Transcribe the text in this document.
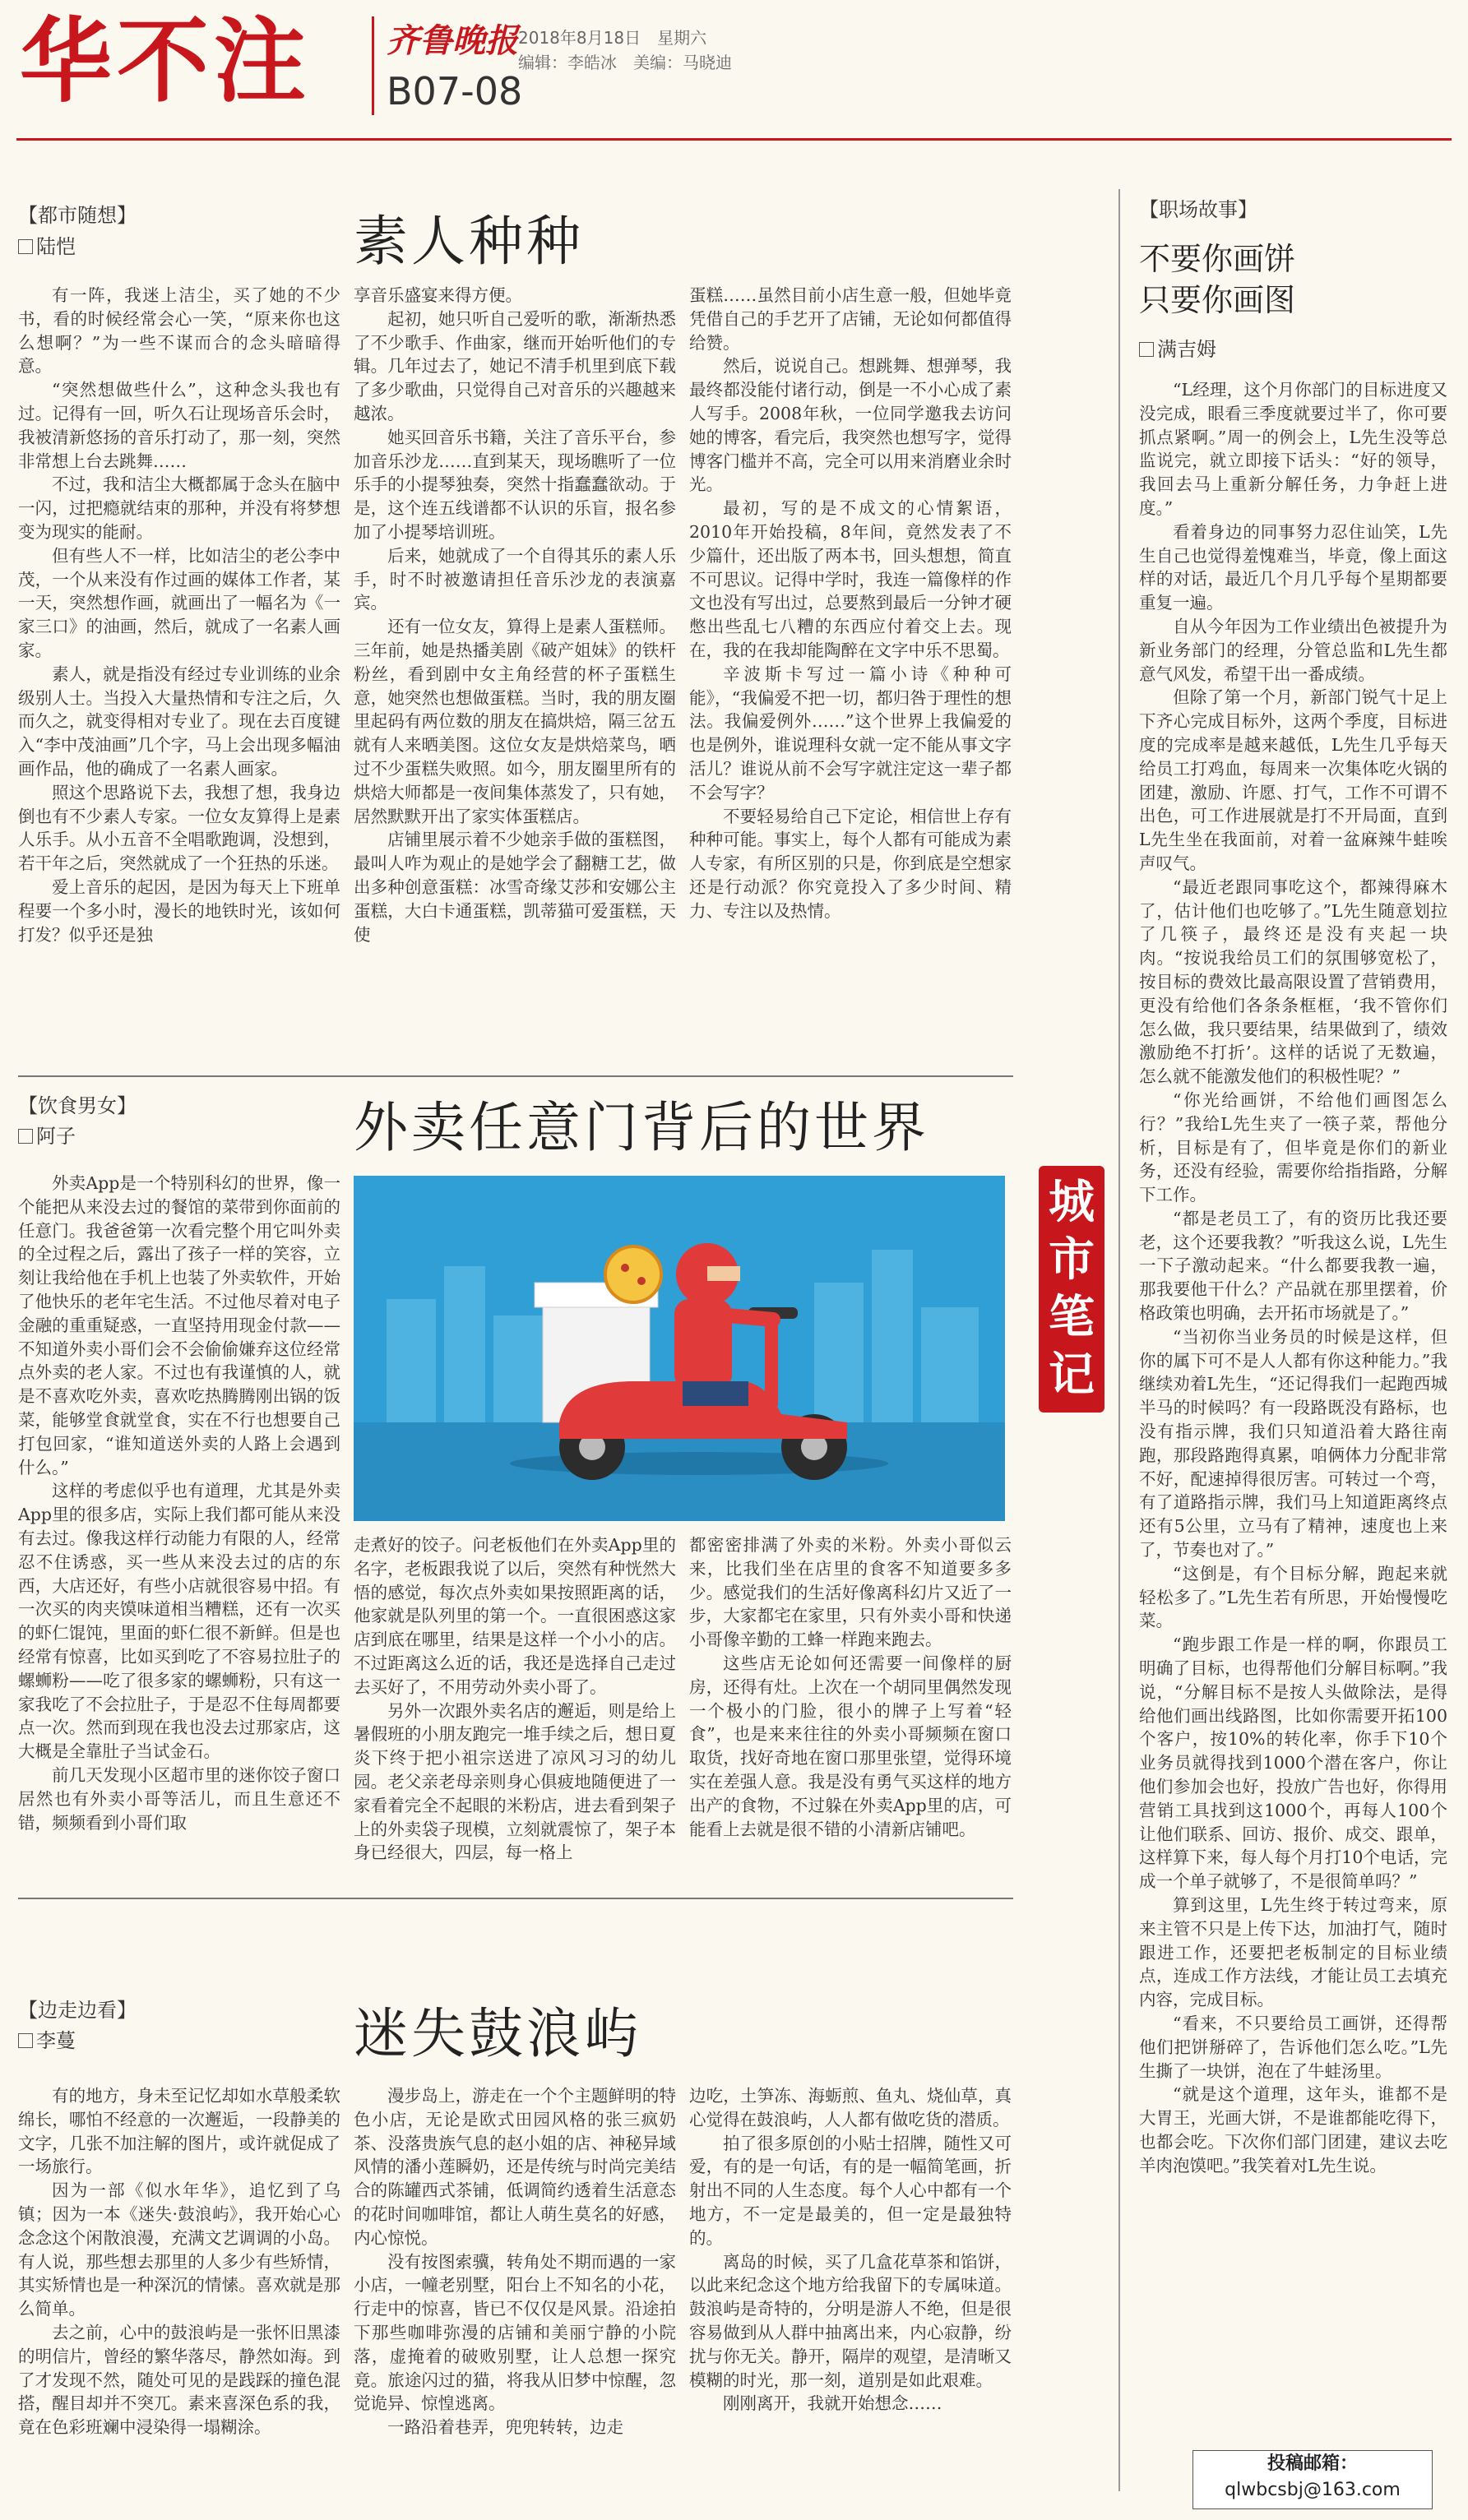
华不注 齐鲁晚报 2018年8月18日　星期六
编辑：李皓冰　美编：马晓迪
B07-08
【都市随想】
陆恺	素人种种

有一阵，我迷上洁尘，买了她的不少书，看的时候经常会心一笑，“原来你也这么想啊？”为一些不谋而合的念头暗暗得意。

“突然想做些什么”，这种念头我也有过。记得有一回，听久石让现场音乐会时，我被清新悠扬的音乐打动了，那一刻，突然非常想上台去跳舞……

不过，我和洁尘大概都属于念头在脑中一闪，过把瘾就结束的那种，并没有将梦想变为现实的能耐。

但有些人不一样，比如洁尘的老公李中茂，一个从来没有作过画的媒体工作者，某一天，突然想作画，就画出了一幅名为《一家三口》的油画，然后，就成了一名素人画家。

素人，就是指没有经过专业训练的业余级别人士。当投入大量热情和专注之后，久而久之，就变得相对专业了。现在去百度键入“李中茂油画”几个字，马上会出现多幅油画作品，他的确成了一名素人画家。

照这个思路说下去，我想了想，我身边倒也有不少素人专家。一位女友算得上是素人乐手。从小五音不全唱歌跑调，没想到，若干年之后，突然就成了一个狂热的乐迷。

爱上音乐的起因，是因为每天上下班单程要一个多小时，漫长的地铁时光，该如何打发？似乎还是独

享音乐盛宴来得方便。

起初，她只听自己爱听的歌，渐渐热悉了不少歌手、作曲家，继而开始听他们的专辑。几年过去了，她记不清手机里到底下载了多少歌曲，只觉得自己对音乐的兴趣越来越浓。

她买回音乐书籍，关注了音乐平台，参加音乐沙龙……直到某天，现场瞧听了一位乐手的小提琴独奏，突然十指蠢蠢欲动。于是，这个连五线谱都不认识的乐盲，报名参加了小提琴培训班。

后来，她就成了一个自得其乐的素人乐手，时不时被邀请担任音乐沙龙的表演嘉宾。

还有一位女友，算得上是素人蛋糕师。三年前，她是热播美剧《破产姐妹》的铁杆粉丝，看到剧中女主角经营的杯子蛋糕生意，她突然也想做蛋糕。当时，我的朋友圈里起码有两位数的朋友在搞烘焙，隔三岔五就有人来晒美图。这位女友是烘焙菜鸟，晒过不少蛋糕失败照。如今，朋友圈里所有的烘焙大师都是一夜间集体蒸发了，只有她，居然默默开出了家实体蛋糕店。

店铺里展示着不少她亲手做的蛋糕图，最叫人咋为观止的是她学会了翻糖工艺，做出多种创意蛋糕：冰雪奇缘艾莎和安娜公主蛋糕，大白卡通蛋糕，凯蒂猫可爱蛋糕，天使

蛋糕……虽然目前小店生意一般，但她毕竟凭借自己的手艺开了店铺，无论如何都值得给赞。

然后，说说自己。想跳舞、想弹琴，我最终都没能付诸行动，倒是一不小心成了素人写手。2008年秋，一位同学邀我去访问她的博客，看完后，我突然也想写字，觉得博客门槛并不高，完全可以用来消磨业余时光。

最初，写的是不成文的心情絮语，2010年开始投稿，8年间，竟然发表了不少篇什，还出版了两本书，回头想想，简直不可思议。记得中学时，我连一篇像样的作文也没有写出过，总要熬到最后一分钟才硬憋出些乱七八糟的东西应付着交上去。现在，我的在我却能陶醉在文字中乐不思蜀。

辛波斯卡写过一篇小诗《种种可能》，“我偏爱不把一切，都归咎于理性的想法。我偏爱例外……”这个世界上我偏爱的也是例外，谁说理科女就一定不能从事文字活儿？谁说从前不会写字就注定这一辈子都不会写字？

不要轻易给自己下定论，相信世上存有种种可能。事实上，每个人都有可能成为素人专家，有所区别的只是，你到底是空想家还是行动派？你究竟投入了多少时间、精力、专注以及热情。

【饮食男女】
阿子	外卖任意门背后的世界

外卖App是一个特别科幻的世界，像一个能把从来没去过的餐馆的菜带到你面前的任意门。我爸爸第一次看完整个用它叫外卖的全过程之后，露出了孩子一样的笑容，立刻让我给他在手机上也装了外卖软件，开始了他快乐的老年宅生活。不过他尽着对电子金融的重重疑惑，一直坚持用现金付款——不知道外卖小哥们会不会偷偷嫌弃这位经常点外卖的老人家。不过也有我谨慎的人，就是不喜欢吃外卖，喜欢吃热腾腾刚出锅的饭菜，能够堂食就堂食，实在不行也想要自己打包回家，“谁知道送外卖的人路上会遇到什么。”

这样的考虑似乎也有道理，尤其是外卖App里的很多店，实际上我们都可能从来没有去过。像我这样行动能力有限的人，经常忍不住诱惑，买一些从来没去过的店的东西，大店还好，有些小店就很容易中招。有一次买的肉夹馍味道相当糟糕，还有一次买的虾仁馄饨，里面的虾仁很不新鲜。但是也经常有惊喜，比如买到吃了不容易拉肚子的螺蛳粉——吃了很多家的螺蛳粉，只有这一家我吃了不会拉肚子，于是忍不住每周都要点一次。然而到现在我也没去过那家店，这大概是全靠肚子当试金石。

前几天发现小区超市里的迷你饺子窗口居然也有外卖小哥等活儿，而且生意还不错，频频看到小哥们取

走煮好的饺子。问老板他们在外卖App里的名字，老板跟我说了以后，突然有种恍然大悟的感觉，每次点外卖如果按照距离的话，他家就是队列里的第一个。一直很困惑这家店到底在哪里，结果是这样一个小小的店。不过距离这么近的话，我还是选择自己走过去买好了，不用劳动外卖小哥了。

另外一次跟外卖名店的邂逅，则是给上暑假班的小朋友跑完一堆手续之后，想日夏炎下终于把小祖宗送进了凉风习习的幼儿园。老父亲老母亲则身心俱疲地随便进了一家看着完全不起眼的米粉店，进去看到架子上的外卖袋子现模，立刻就震惊了，架子本身已经很大，四层，每一格上

都密密排满了外卖的米粉。外卖小哥似云来，比我们坐在店里的食客不知道要多多少。感觉我们的生活好像离科幻片又近了一步，大家都宅在家里，只有外卖小哥和快递小哥像辛勤的工蜂一样跑来跑去。

这些店无论如何还需要一间像样的厨房，还得有灶。上次在一个胡同里偶然发现一个极小的门脸，很小的牌子上写着“轻食”，也是来来往往的外卖小哥频频在窗口取货，找好奇地在窗口那里张望，觉得环境实在差强人意。我是没有勇气买这样的地方出产的食物，不过躲在外卖App里的店，可能看上去就是很不错的小清新店铺吧。

【边走边看】
李蔓	迷失鼓浪屿

有的地方，身未至记忆却如水草般柔软绵长，哪怕不经意的一次邂逅，一段静美的文字，几张不加注解的图片，或许就促成了一场旅行。

因为一部《似水年华》，追忆到了乌镇；因为一本《迷失·鼓浪屿》，我开始心心念念这个闲散浪漫，充满文艺调调的小岛。有人说，那些想去那里的人多少有些矫情，其实矫情也是一种深沉的情愫。喜欢就是那么简单。

去之前，心中的鼓浪屿是一张怀旧黑漆的明信片，曾经的繁华落尽，静然如海。到了才发现不然，随处可见的是践踩的撞色混搭，醒目却并不突兀。素来喜深色系的我，竟在色彩班斓中浸染得一塌糊涂。

漫步岛上，游走在一个个主题鲜明的特色小店，无论是欧式田园风格的张三疯奶茶、没落贵族气息的赵小姐的店、神秘异域风情的潘小莲瞬奶，还是传统与时尚完美结合的陈罐西式茶铺，低调简约透着生活意态的花时间咖啡馆，都让人萌生莫名的好感，内心惊悦。

没有按图索骥，转角处不期而遇的一家小店，一幢老别墅，阳台上不知名的小花，行走中的惊喜，皆已不仅仅是风景。沿途拍下那些咖啡弥漫的店铺和美丽宁静的小院落，虚掩着的破败别墅，让人总想一探究竟。旅途闪过的猫，将我从旧梦中惊醒，忽觉诡异、惊惶逃离。

一路沿着巷弄，兜兜转转，边走

边吃，土笋冻、海蛎煎、鱼丸、烧仙草，真心觉得在鼓浪屿，人人都有做吃货的潜质。

拍了很多原创的小贴士招牌，随性又可爱，有的是一句话，有的是一幅简笔画，折射出不同的人生态度。每个人心中都有一个地方，不一定是最美的，但一定是最独特的。

离岛的时候，买了几盒花草茶和馅饼，以此来纪念这个地方给我留下的专属味道。鼓浪屿是奇特的，分明是游人不绝，但是很容易做到从人群中抽离出来，内心寂静，纷扰与你无关。静开，隔岸的观望，是清晰又模糊的时光，那一刻，道别是如此艰难。

刚刚离开，我就开始想念……

城市笔记
【职场故事】
不要你画饼
只要你画图
满吉姆

“L经理，这个月你部门的目标进度又没完成，眼看三季度就要过半了，你可要抓点紧啊。”周一的例会上，L先生没等总监说完，就立即接下话头：“好的领导，我回去马上重新分解任务，力争赶上进度。”

看着身边的同事努力忍住讪笑，L先生自己也觉得羞愧难当，毕竟，像上面这样的对话，最近几个月几乎每个星期都要重复一遍。

自从今年因为工作业绩出色被提升为新业务部门的经理，分管总监和L先生都意气风发，希望干出一番成绩。

但除了第一个月，新部门锐气十足上下齐心完成目标外，这两个季度，目标进度的完成率是越来越低，L先生几乎每天给员工打鸡血，每周来一次集体吃火锅的团建，激励、许愿、打气，工作不可谓不出色，可工作进展就是打不开局面，直到L先生坐在我面前，对着一盆麻辣牛蛙唉声叹气。

“最近老跟同事吃这个，都辣得麻木了，估计他们也吃够了。”L先生随意划拉了几筷子，最终还是没有夹起一块肉。“按说我给员工们的氛围够宽松了，按目标的费效比最高限设置了营销费用，更没有给他们各条条框框，‘我不管你们怎么做，我只要结果，结果做到了，绩效激励绝不打折’。这样的话说了无数遍，怎么就不能激发他们的积极性呢？”

“你光给画饼，不给他们画图怎么行？”我给L先生夹了一筷子菜，帮他分析，目标是有了，但毕竟是你们的新业务，还没有经验，需要你给指指路，分解下工作。

“都是老员工了，有的资历比我还要老，这个还要我教？”听我这么说，L先生一下子激动起来。“什么都要我教一遍，那我要他干什么？产品就在那里摆着，价格政策也明确，去开拓市场就是了。”

“当初你当业务员的时候是这样，但你的属下可不是人人都有你这种能力。”我继续劝着L先生，“还记得我们一起跑西城半马的时候吗？有一段路既没有路标，也没有指示牌，我们只知道沿着大路往南跑，那段路跑得真累，咱俩体力分配非常不好，配速掉得很厉害。可转过一个弯，有了道路指示牌，我们马上知道距离终点还有5公里，立马有了精神，速度也上来了，节奏也对了。”

“这倒是，有个目标分解，跑起来就轻松多了。”L先生若有所思，开始慢慢吃菜。

“跑步跟工作是一样的啊，你跟员工明确了目标，也得帮他们分解目标啊。”我说，“分解目标不是按人头做除法，是得给他们画出线路图，比如你需要开拓100个客户，按10%的转化率，你手下10个业务员就得找到1000个潜在客户，你让他们参加会也好，投放广告也好，你得用营销工具找到这1000个，再每人100个让他们联系、回访、报价、成交、跟单，这样算下来，每人每个月打10个电话，完成一个单子就够了，不是很简单吗？”

算到这里，L先生终于转过弯来，原来主管不只是上传下达，加油打气，随时跟进工作，还要把老板制定的目标业绩点，连成工作方法线，才能让员工去填充内容，完成目标。

“看来，不只要给员工画饼，还得帮他们把饼掰碎了，告诉他们怎么吃。”L先生撕了一块饼，泡在了牛蛙汤里。

“就是这个道理，这年头，谁都不是大胃王，光画大饼，不是谁都能吃得下，也都会吃。下次你们部门团建，建议去吃羊肉泡馍吧。”我笑着对L先生说。

投稿邮箱：
qlwbcsbj@163.com
